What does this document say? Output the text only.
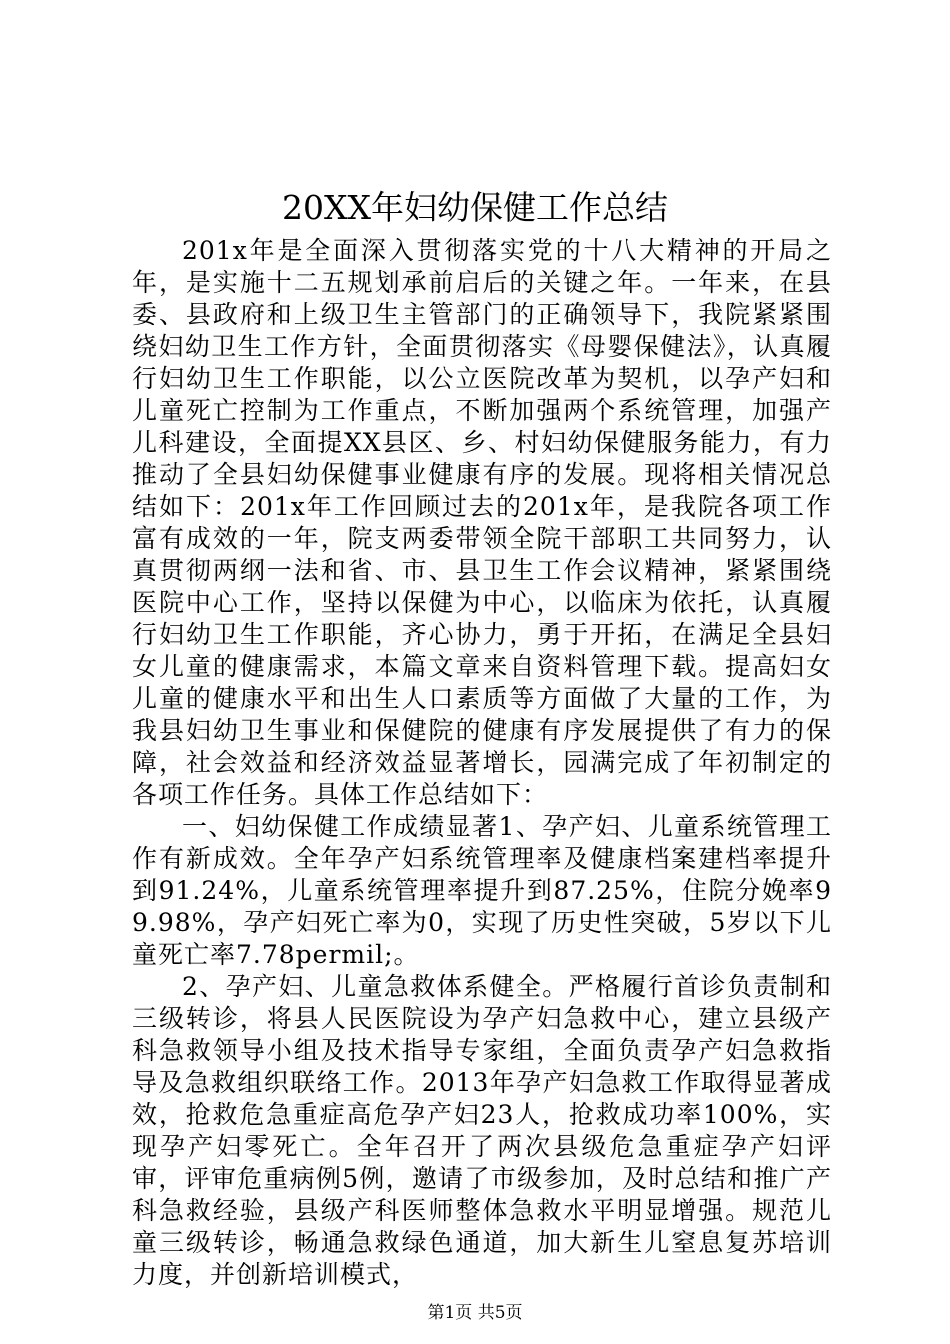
20XX年妇幼保健工作总结

201x年是全面深入贯彻落实党的十八大精神的开局之年，是实施十二五规划承前启后的关键之年。一年来，在县委、县政府和上级卫生主管部门的正确领导下，我院紧紧围绕妇幼卫生工作方针，全面贯彻落实《母婴保健法》，认真履行妇幼卫生工作职能，以公立医院改革为契机，以孕产妇和儿童死亡控制为工作重点，不断加强两个系统管理，加强产儿科建设，全面提XX县区、乡、村妇幼保健服务能力，有力推动了全县妇幼保健事业健康有序的发展。现将相关情况总结如下：201x年工作回顾过去的201x年，是我院各项工作富有成效的一年，院支两委带领全院干部职工共同努力，认真贯彻两纲一法和省、市、县卫生工作会议精神，紧紧围绕医院中心工作，坚持以保健为中心，以临床为依托，认真履行妇幼卫生工作职能，齐心协力，勇于开拓，在满足全县妇女儿童的健康需求，本篇文章来自资料管理下载。提高妇女儿童的健康水平和出生人口素质等方面做了大量的工作，为我县妇幼卫生事业和保健院的健康有序发展提供了有力的保障，社会效益和经济效益显著增长，园满完成了年初制定的各项工作任务。具体工作总结如下：

一、妇幼保健工作成绩显著1、孕产妇、儿童系统管理工作有新成效。全年孕产妇系统管理率及健康档案建档率提升到91.24%，儿童系统管理率提升到87.25%，住院分娩率99.98%，孕产妇死亡率为0，实现了历史性突破，5岁以下儿童死亡率7.78permil;。

2、孕产妇、儿童急救体系健全。严格履行首诊负责制和三级转诊，将县人民医院设为孕产妇急救中心，建立县级产科急救领导小组及技术指导专家组，全面负责孕产妇急救指导及急救组织联络工作。2013年孕产妇急救工作取得显著成效，抢救危急重症高危孕产妇23人，抢救成功率100%，实现孕产妇零死亡。全年召开了两次县级危急重症孕产妇评审，评审危重病例5例，邀请了市级参加，及时总结和推广产科急救经验，县级产科医师整体急救水平明显增强。规范儿童三级转诊，畅通急救绿色通道，加大新生儿窒息复苏培训力度，并创新培训模式，

第1页 共5页
